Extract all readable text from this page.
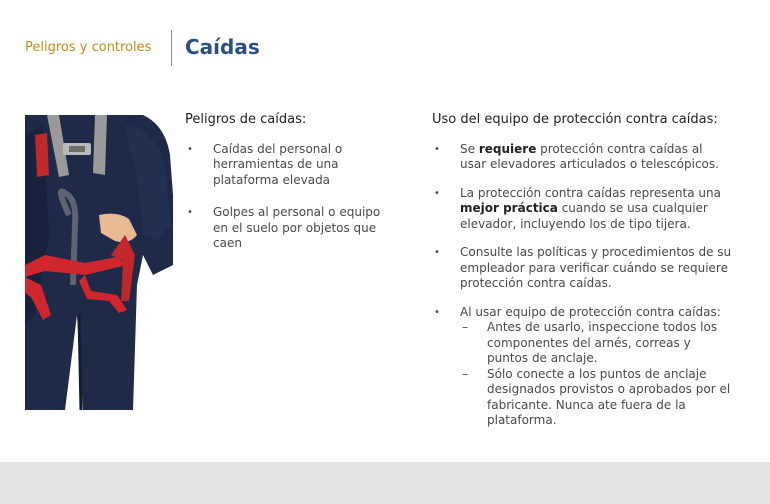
Peligros y controles Caídas
Peligros de caídas:
• Caídas del personal o herramientas de una plataforma elevada
• Golpes al personal o equipo en el suelo por objetos que caen
Uso del equipo de protección contra caídas:
• Se requiere protección contra caídas al usar elevadores articulados o telescópicos.
• La protección contra caídas representa una mejor práctica cuando se usa cualquier elevador, incluyendo los de tipo tijera.
• Consulte las políticas y procedimientos de su empleador para verificar cuándo se requiere protección contra caídas.
• Al usar equipo de protección contra caídas:
– Antes de usarlo, inspeccione todos los componentes del arnés, correas y puntos de anclaje.
– Sólo conecte a los puntos de anclaje designados provistos o aprobados por el fabricante. Nunca ate fuera de la plataforma.
